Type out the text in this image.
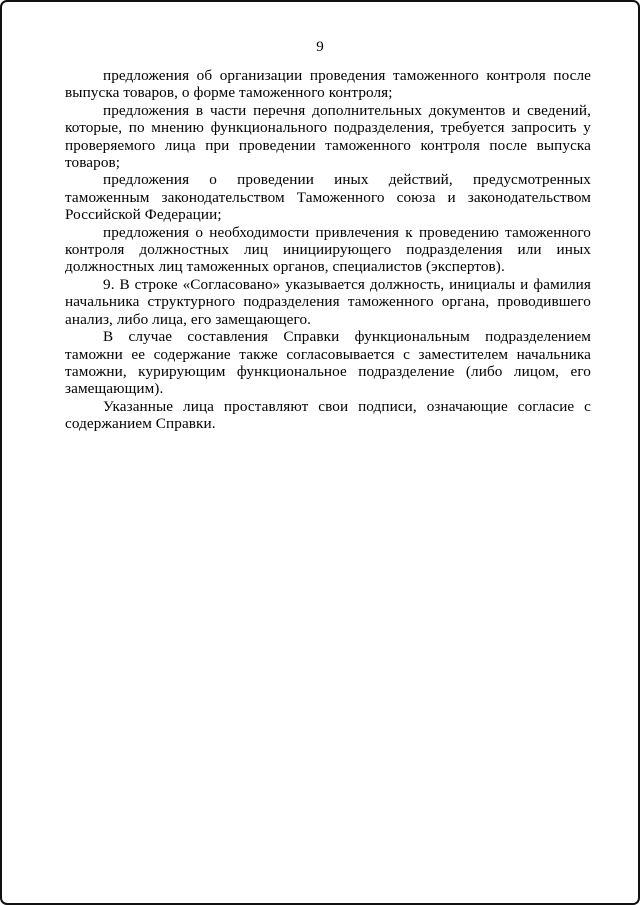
9

предложения об организации проведения таможенного контроля после выпуска товаров, о форме таможенного контроля;

предложения в части перечня дополнительных документов и сведений, которые, по мнению функционального подразделения, требуется запросить у проверяемого лица при проведении таможенного контроля после выпуска товаров;

предложения о проведении иных действий, предусмотренных таможенным законодательством Таможенного союза и законодательством Российской Федерации;

предложения о необходимости привлечения к проведению таможенного контроля должностных лиц инициирующего подразделения или иных должностных лиц таможенных органов, специалистов (экспертов).

9. В строке «Согласовано» указывается должность, инициалы и фамилия начальника структурного подразделения таможенного органа, проводившего анализ, либо лица, его замещающего.

В случае составления Справки функциональным подразделением таможни ее содержание также согласовывается с заместителем начальника таможни, курирующим функциональное подразделение (либо лицом, его замещающим).

Указанные лица проставляют свои подписи, означающие согласие с содержанием Справки.
